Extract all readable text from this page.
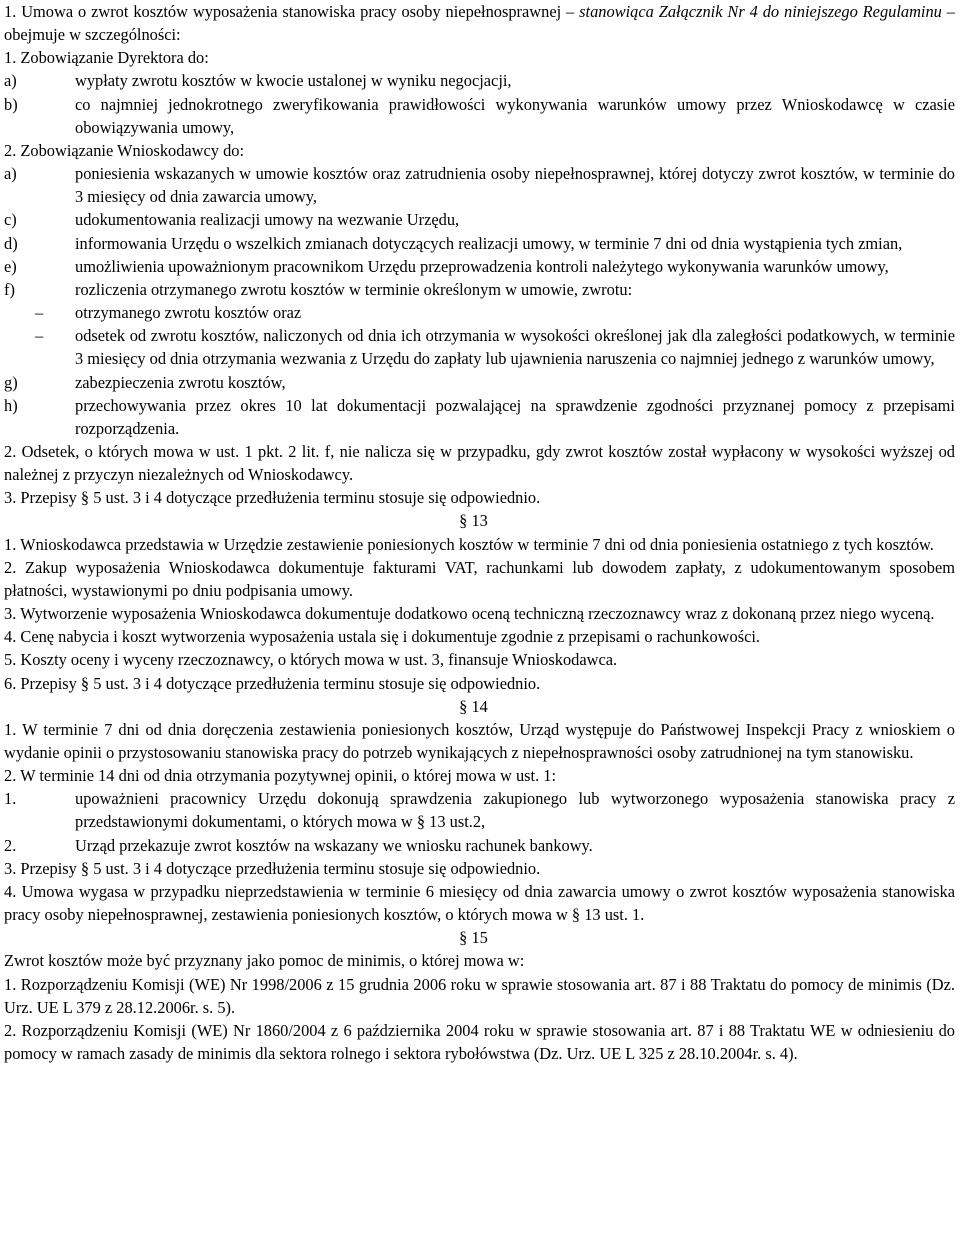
1. Umowa o zwrot kosztów wyposażenia stanowiska pracy osoby niepełnosprawnej – stanowiąca Załącznik Nr 4 do niniejszego Regulaminu – obejmuje w szczególności:

1. Zobowiązanie Dyrektora do:

a)	wypłaty zwrotu kosztów w kwocie ustalonej w wyniku negocjacji,

b)	co najmniej jednokrotnego zweryfikowania prawidłowości wykonywania warunków umowy przez Wnioskodawcę w czasie obowiązywania umowy,

2. Zobowiązanie Wnioskodawcy do:

a)	poniesienia wskazanych w umowie kosztów oraz zatrudnienia osoby niepełnosprawnej, której dotyczy zwrot kosztów, w terminie do 3 miesięcy od dnia zawarcia umowy,

c)	udokumentowania realizacji umowy na wezwanie Urzędu,

d)	informowania Urzędu o wszelkich zmianach dotyczących realizacji umowy, w terminie 7 dni od dnia wystąpienia tych zmian,

e)	umożliwienia upoważnionym pracownikom Urzędu przeprowadzenia kontroli należytego wykonywania warunków umowy,

f)	rozliczenia otrzymanego zwrotu kosztów w terminie określonym w umowie, zwrotu:

– otrzymanego zwrotu kosztów oraz

– odsetek od zwrotu kosztów, naliczonych od dnia ich otrzymania w wysokości określonej jak dla zaległości podatkowych, w terminie 3 miesięcy od dnia otrzymania wezwania z Urzędu do zapłaty lub ujawnienia naruszenia co najmniej jednego z warunków umowy,

g)	zabezpieczenia zwrotu kosztów,

h)	przechowywania przez okres 10 lat dokumentacji pozwalającej na sprawdzenie zgodności przyznanej pomocy z przepisami rozporządzenia.

2. Odsetek, o których mowa w ust. 1 pkt. 2 lit. f, nie nalicza się w przypadku, gdy zwrot kosztów został wypłacony w wysokości wyższej od należnej z przyczyn niezależnych od Wnioskodawcy.

3. Przepisy § 5 ust. 3 i 4 dotyczące przedłużenia terminu stosuje się odpowiednio.

§ 13

1. Wnioskodawca przedstawia w Urzędzie zestawienie poniesionych kosztów w terminie 7 dni od dnia poniesienia ostatniego z tych kosztów.

2. Zakup wyposażenia Wnioskodawca dokumentuje fakturami VAT, rachunkami lub dowodem zapłaty, z udokumentowanym sposobem płatności, wystawionymi po dniu podpisania umowy.

3. Wytworzenie wyposażenia Wnioskodawca dokumentuje dodatkowo oceną techniczną rzeczoznawcy wraz z dokonaną przez niego wyceną.

4. Cenę nabycia i koszt wytworzenia wyposażenia ustala się i dokumentuje zgodnie z przepisami o rachunkowości.

5. Koszty oceny i wyceny rzeczoznawcy, o których mowa w ust. 3, finansuje Wnioskodawca.

6. Przepisy § 5 ust. 3 i 4 dotyczące przedłużenia terminu stosuje się odpowiednio.

§ 14

1. W terminie 7 dni od dnia doręczenia zestawienia poniesionych kosztów, Urząd występuje do Państwowej Inspekcji Pracy z wnioskiem o wydanie opinii o przystosowaniu stanowiska pracy do potrzeb wynikających z niepełnosprawności osoby zatrudnionej na tym stanowisku.

2. W terminie 14 dni od dnia otrzymania pozytywnej opinii, o której mowa w ust. 1:

1.	upoważnieni pracownicy Urzędu dokonują sprawdzenia zakupionego lub wytworzonego wyposażenia stanowiska pracy z przedstawionymi dokumentami, o których mowa w § 13 ust.2,

2.	Urząd przekazuje zwrot kosztów na wskazany we wniosku rachunek bankowy.

3. Przepisy § 5 ust. 3 i 4 dotyczące przedłużenia terminu stosuje się odpowiednio.

4. Umowa wygasa w przypadku nieprzedstawienia w terminie 6 miesięcy od dnia zawarcia umowy o zwrot kosztów wyposażenia stanowiska pracy osoby niepełnosprawnej, zestawienia poniesionych kosztów, o których mowa w § 13 ust. 1.

§ 15

Zwrot kosztów może być przyznany jako pomoc de minimis, o której mowa w:

1. Rozporządzeniu Komisji (WE) Nr 1998/2006 z 15 grudnia 2006 roku w sprawie stosowania art. 87 i 88 Traktatu do pomocy de minimis (Dz. Urz. UE L 379 z 28.12.2006r. s. 5).

2. Rozporządzeniu Komisji (WE) Nr 1860/2004 z 6 października 2004 roku w sprawie stosowania art. 87 i 88 Traktatu WE w odniesieniu do pomocy w ramach zasady de minimis dla sektora rolnego i sektora rybołówstwa (Dz. Urz. UE L 325 z 28.10.2004r. s. 4).
